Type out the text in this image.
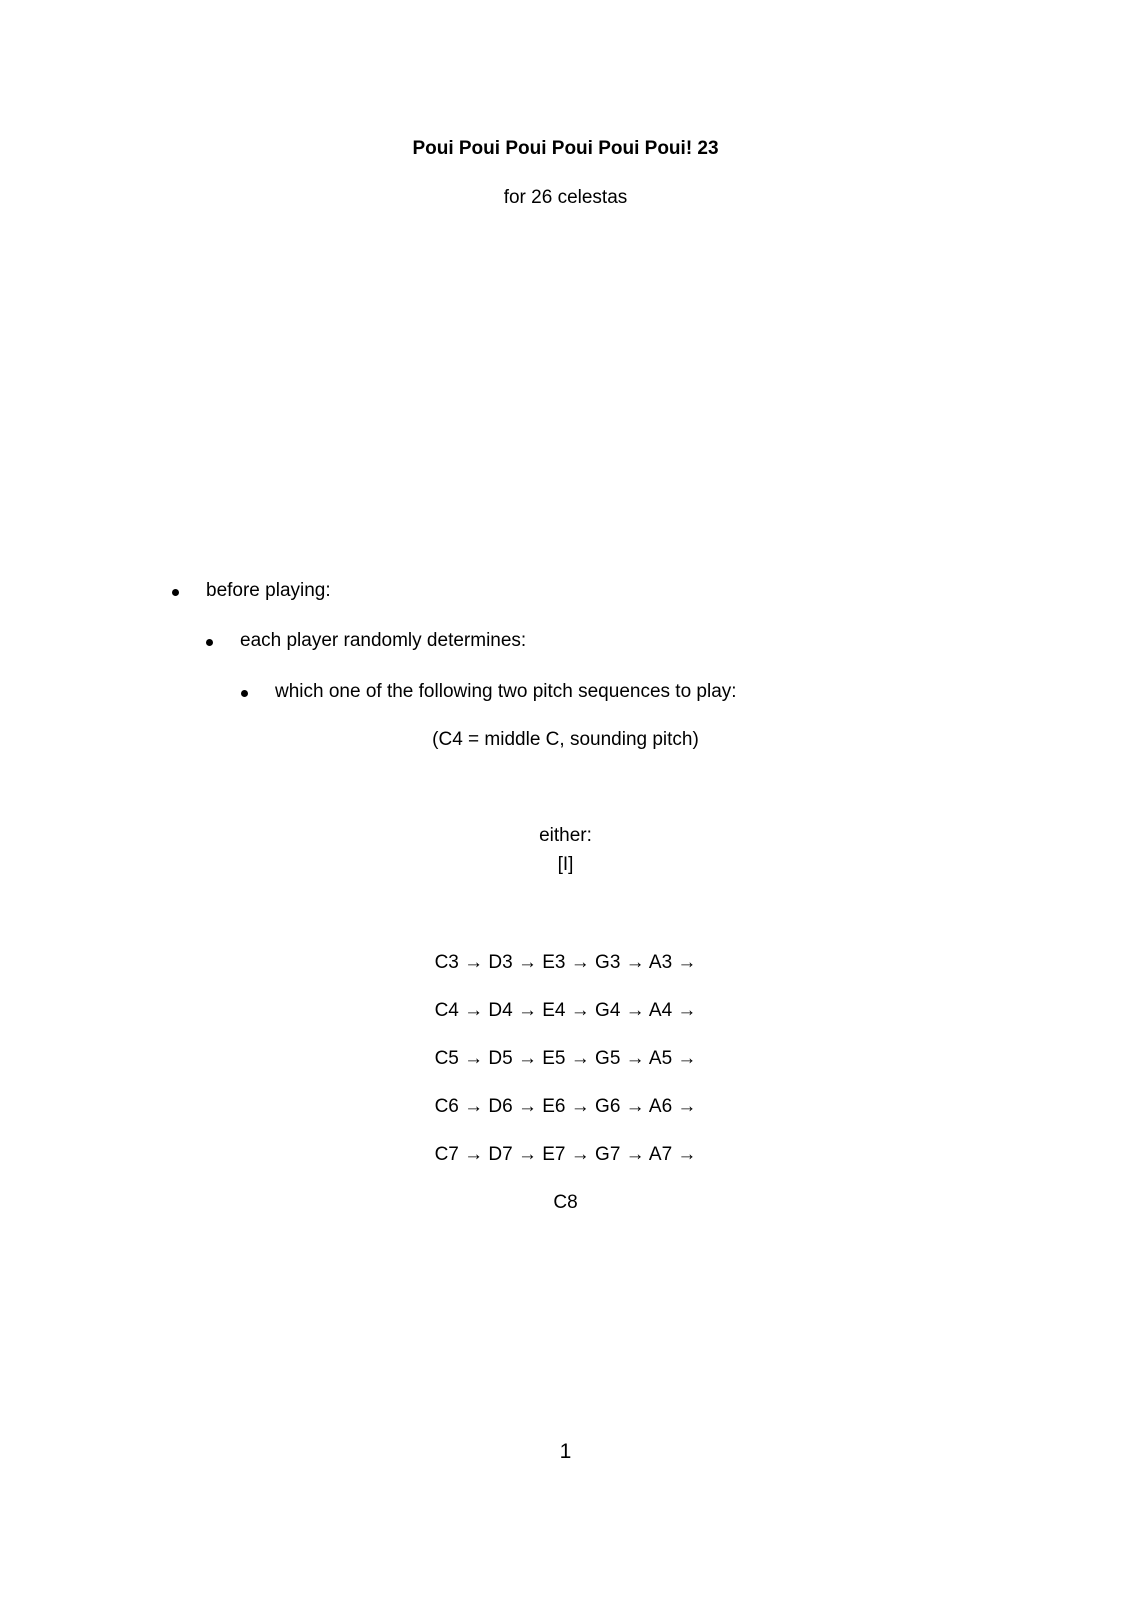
Poui Poui Poui Poui Poui Poui! 23
for 26 celestas
before playing:
each player randomly determines:
which one of the following two pitch sequences to play:
(C4 = middle C, sounding pitch)
either:
[I]
C3 → D3 → E3 → G3 → A3 →
C4 → D4 → E4 → G4 → A4 →
C5 → D5 → E5 → G5 → A5 →
C6 → D6 → E6 → G6 → A6 →
C7 → D7 → E7 → G7 → A7 →
C8
1
